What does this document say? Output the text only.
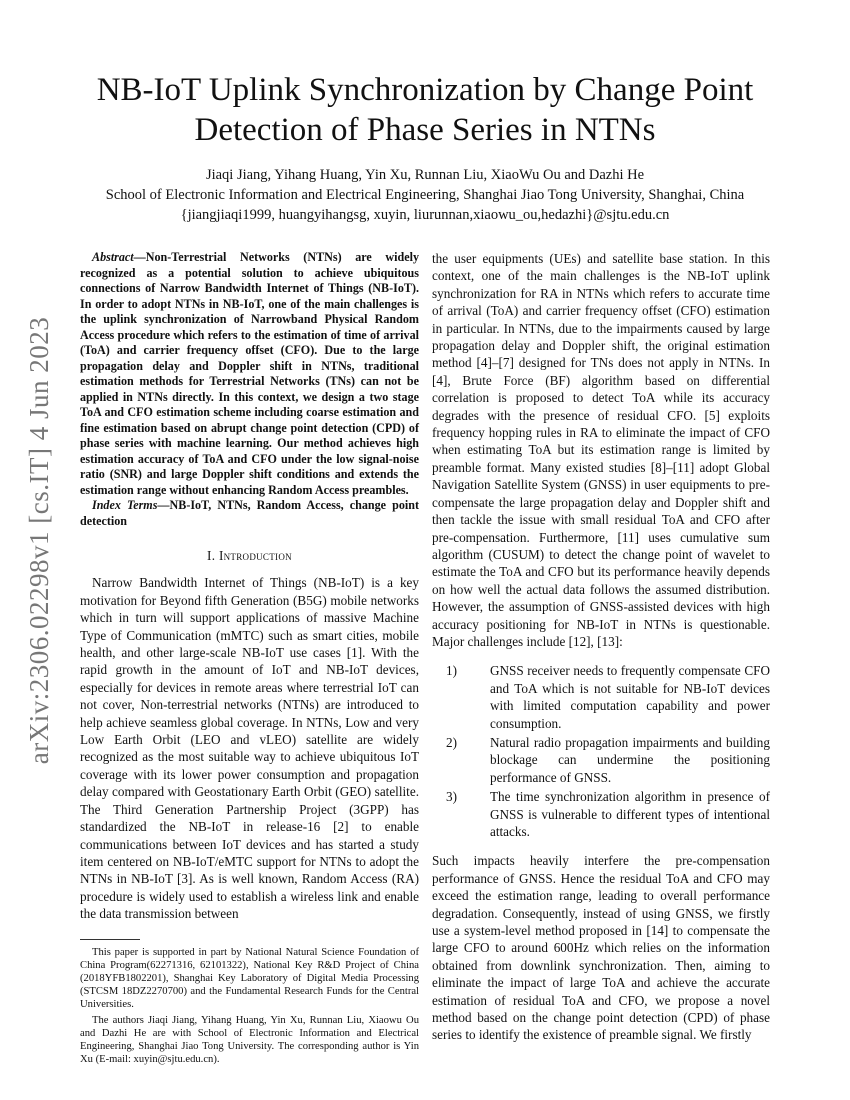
arXiv:2306.02298v1 [cs.IT] 4 Jun 2023
NB-IoT Uplink Synchronization by Change Point Detection of Phase Series in NTNs
Jiaqi Jiang, Yihang Huang, Yin Xu, Runnan Liu, XiaoWu Ou and Dazhi He
School of Electronic Information and Electrical Engineering, Shanghai Jiao Tong University, Shanghai, China
{jiangjiaqi1999, huangyihangsg, xuyin, liurunnan,xiaowu_ou,hedazhi}@sjtu.edu.cn

Abstract—Non-Terrestrial Networks (NTNs) are widely recognized as a potential solution to achieve ubiquitous connections of Narrow Bandwidth Internet of Things (NB-IoT). In order to adopt NTNs in NB-IoT, one of the main challenges is the uplink synchronization of Narrowband Physical Random Access procedure which refers to the estimation of time of arrival (ToA) and carrier frequency offset (CFO). Due to the large propagation delay and Doppler shift in NTNs, traditional estimation methods for Terrestrial Networks (TNs) can not be applied in NTNs directly. In this context, we design a two stage ToA and CFO estimation scheme including coarse estimation and fine estimation based on abrupt change point detection (CPD) of phase series with machine learning. Our method achieves high estimation accuracy of ToA and CFO under the low signal-noise ratio (SNR) and large Doppler shift conditions and extends the estimation range without enhancing Random Access preambles.

Index Terms—NB-IoT, NTNs, Random Access, change point detection

I. Introduction

Narrow Bandwidth Internet of Things (NB-IoT) is a key motivation for Beyond fifth Generation (B5G) mobile networks which in turn will support applications of massive Machine Type of Communication (mMTC) such as smart cities, mobile health, and other large-scale NB-IoT use cases [1]. With the rapid growth in the amount of IoT and NB-IoT devices, especially for devices in remote areas where terrestrial IoT can not cover, Non-terrestrial networks (NTNs) are introduced to help achieve seamless global coverage. In NTNs, Low and very Low Earth Orbit (LEO and vLEO) satellite are widely recognized as the most suitable way to achieve ubiquitous IoT coverage with its lower power consumption and propagation delay compared with Geostationary Earth Orbit (GEO) satellite. The Third Generation Partnership Project (3GPP) has standardized the NB-IoT in release-16 [2] to enable communications between IoT devices and has started a study item centered on NB-IoT/eMTC support for NTNs to adopt the NTNs in NB-IoT [3]. As is well known, Random Access (RA) procedure is widely used to establish a wireless link and enable the data transmission between

This paper is supported in part by National Natural Science Foundation of China Program(62271316, 62101322), National Key R&D Project of China (2018YFB1802201), Shanghai Key Laboratory of Digital Media Processing (STCSM 18DZ2270700) and the Fundamental Research Funds for the Central Universities.

The authors Jiaqi Jiang, Yihang Huang, Yin Xu, Runnan Liu, Xiaowu Ou and Dazhi He are with School of Electronic Information and Electrical Engineering, Shanghai Jiao Tong University. The corresponding author is Yin Xu (E-mail: xuyin@sjtu.edu.cn).

the user equipments (UEs) and satellite base station. In this context, one of the main challenges is the NB-IoT uplink synchronization for RA in NTNs which refers to accurate time of arrival (ToA) and carrier frequency offset (CFO) estimation in particular. In NTNs, due to the impairments caused by large propagation delay and Doppler shift, the original estimation method [4]–[7] designed for TNs does not apply in NTNs. In [4], Brute Force (BF) algorithm based on differential correlation is proposed to detect ToA while its accuracy degrades with the presence of residual CFO. [5] exploits frequency hopping rules in RA to eliminate the impact of CFO when estimating ToA but its estimation range is limited by preamble format. Many existed studies [8]–[11] adopt Global Navigation Satellite System (GNSS) in user equipments to pre-compensate the large propagation delay and Doppler shift and then tackle the issue with small residual ToA and CFO after pre-compensation. Furthermore, [11] uses cumulative sum algorithm (CUSUM) to detect the change point of wavelet to estimate the ToA and CFO but its performance heavily depends on how well the actual data follows the assumed distribution. However, the assumption of GNSS-assisted devices with high accuracy positioning for NB-IoT in NTNs is questionable. Major challenges include [12], [13]:

1)	GNSS receiver needs to frequently compensate CFO and ToA which is not suitable for NB-IoT devices with limited computation capability and power consumption.
2)	Natural radio propagation impairments and building blockage can undermine the positioning performance of GNSS.
3)	The time synchronization algorithm in presence of GNSS is vulnerable to different types of intentional attacks.

Such impacts heavily interfere the pre-compensation performance of GNSS. Hence the residual ToA and CFO may exceed the estimation range, leading to overall performance degradation. Consequently, instead of using GNSS, we firstly use a system-level method proposed in [14] to compensate the large CFO to around 600Hz which relies on the information obtained from downlink synchronization. Then, aiming to eliminate the impact of large ToA and achieve the accurate estimation of residual ToA and CFO, we propose a novel method based on the change point detection (CPD) of phase series to identify the existence of preamble signal. We firstly
